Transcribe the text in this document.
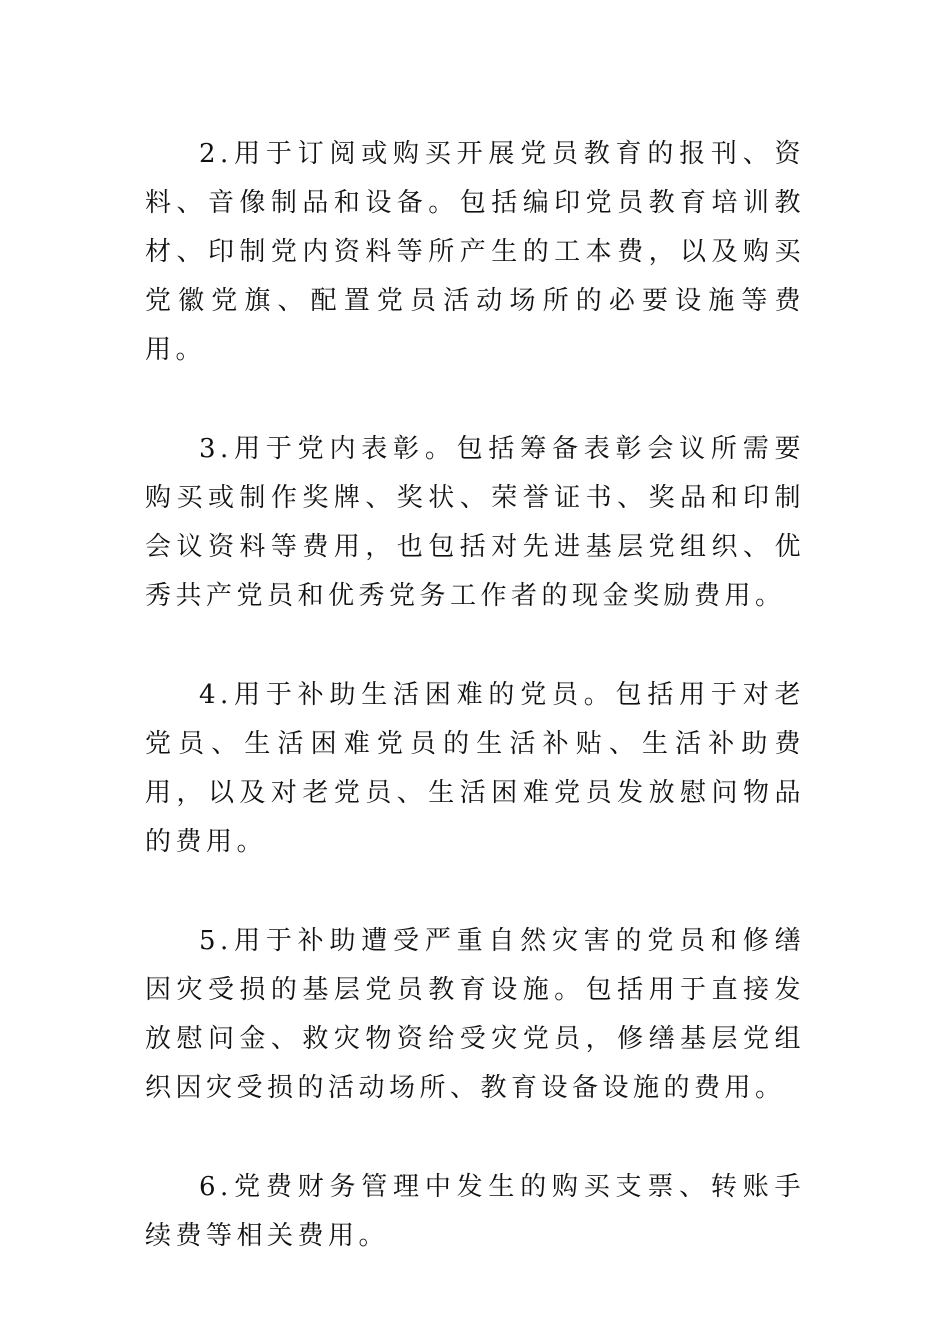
2.用于订阅或购买开展党员教育的报刊、资料、音像制品和设备。包括编印党员教育培训教材、印制党内资料等所产生的工本费，以及购买党徽党旗、配置党员活动场所的必要设施等费用。

3.用于党内表彰。包括筹备表彰会议所需要购买或制作奖牌、奖状、荣誉证书、奖品和印制会议资料等费用，也包括对先进基层党组织、优秀共产党员和优秀党务工作者的现金奖励费用。

4.用于补助生活困难的党员。包括用于对老党员、生活困难党员的生活补贴、生活补助费用，以及对老党员、生活困难党员发放慰问物品的费用。

5.用于补助遭受严重自然灾害的党员和修缮因灾受损的基层党员教育设施。包括用于直接发放慰问金、救灾物资给受灾党员，修缮基层党组织因灾受损的活动场所、教育设备设施的费用。

6.党费财务管理中发生的购买支票、转账手续费等相关费用。
